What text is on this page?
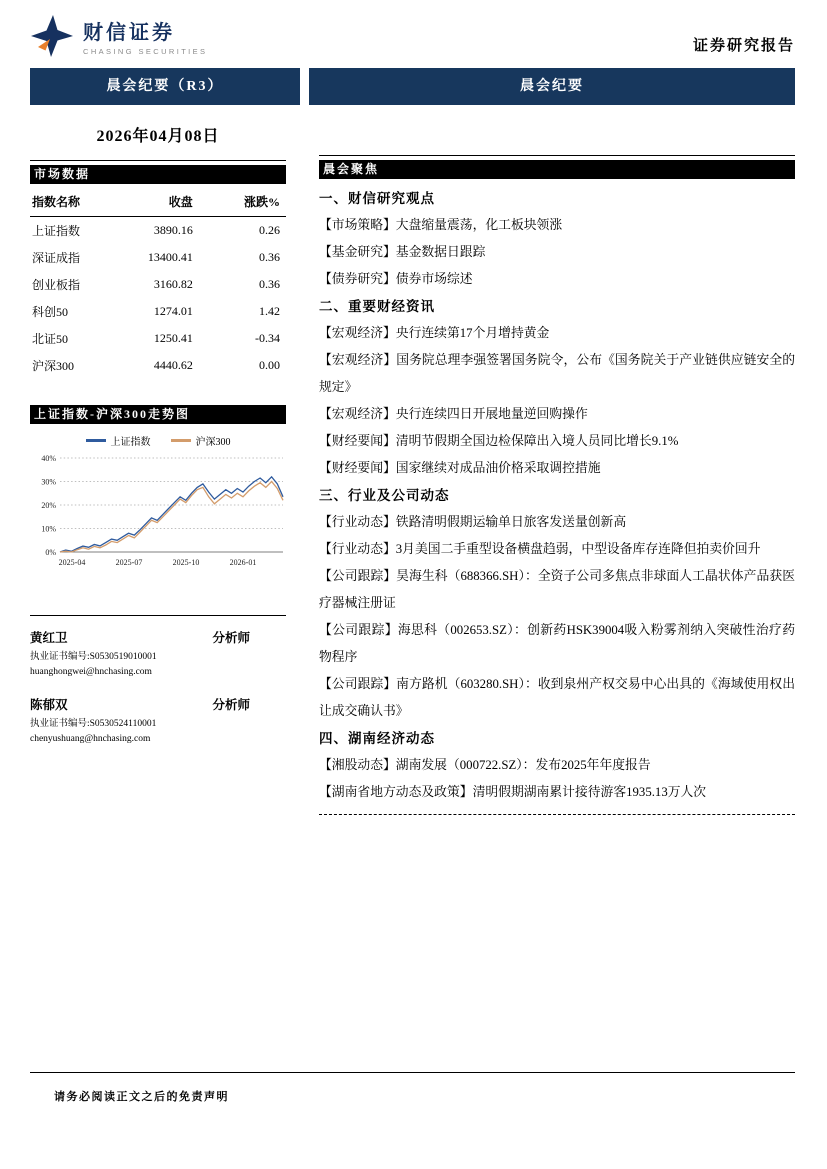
财信证券
CHASING SECURITIES	证券研究报告
晨会纪要（R3）	晨会纪要
2026年04月08日
市场数据
指数名称	收盘	涨跌%
上证指数	3890.16	0.26
深证成指	13400.41	0.36
创业板指	3160.82	0.36
科创50	1274.01	1.42
北证50	1250.41	-0.34
沪深300	4440.62	0.00
上证指数-沪深300走势图
上证指数	沪深300
0%
10%
20%
30%
40%
2025-04	2025-07	2025-10	2026-01
黄红卫	分析师
执业证书编号:S0530519010001
huanghongwei@hnchasing.com
陈郁双	分析师
执业证书编号:S0530524110001
chenyushuang@hnchasing.com
晨会聚焦
一、财信研究观点
【市场策略】大盘缩量震荡，化工板块领涨
【基金研究】基金数据日跟踪
【债券研究】债券市场综述
二、重要财经资讯
【宏观经济】央行连续第17个月增持黄金
【宏观经济】国务院总理李强签署国务院令，公布《国务院关于产业链供应链安全的规定》
【宏观经济】央行连续四日开展地量逆回购操作
【财经要闻】清明节假期全国边检保障出入境人员同比增长9.1%
【财经要闻】国家继续对成品油价格采取调控措施
三、行业及公司动态
【行业动态】铁路清明假期运输单日旅客发送量创新高
【行业动态】3月美国二手重型设备横盘趋弱，中型设备库存连降但拍卖价回升
【公司跟踪】昊海生科（688366.SH）：全资子公司多焦点非球面人工晶状体产品获医疗器械注册证
【公司跟踪】海思科（002653.SZ）：创新药HSK39004吸入粉雾剂纳入突破性治疗药物程序
【公司跟踪】南方路机（603280.SH）：收到泉州产权交易中心出具的《海域使用权出让成交确认书》
四、湖南经济动态
【湘股动态】湖南发展（000722.SZ）：发布2025年年度报告
【湖南省地方动态及政策】清明假期湖南累计接待游客1935.13万人次
请务必阅读正文之后的免责声明
